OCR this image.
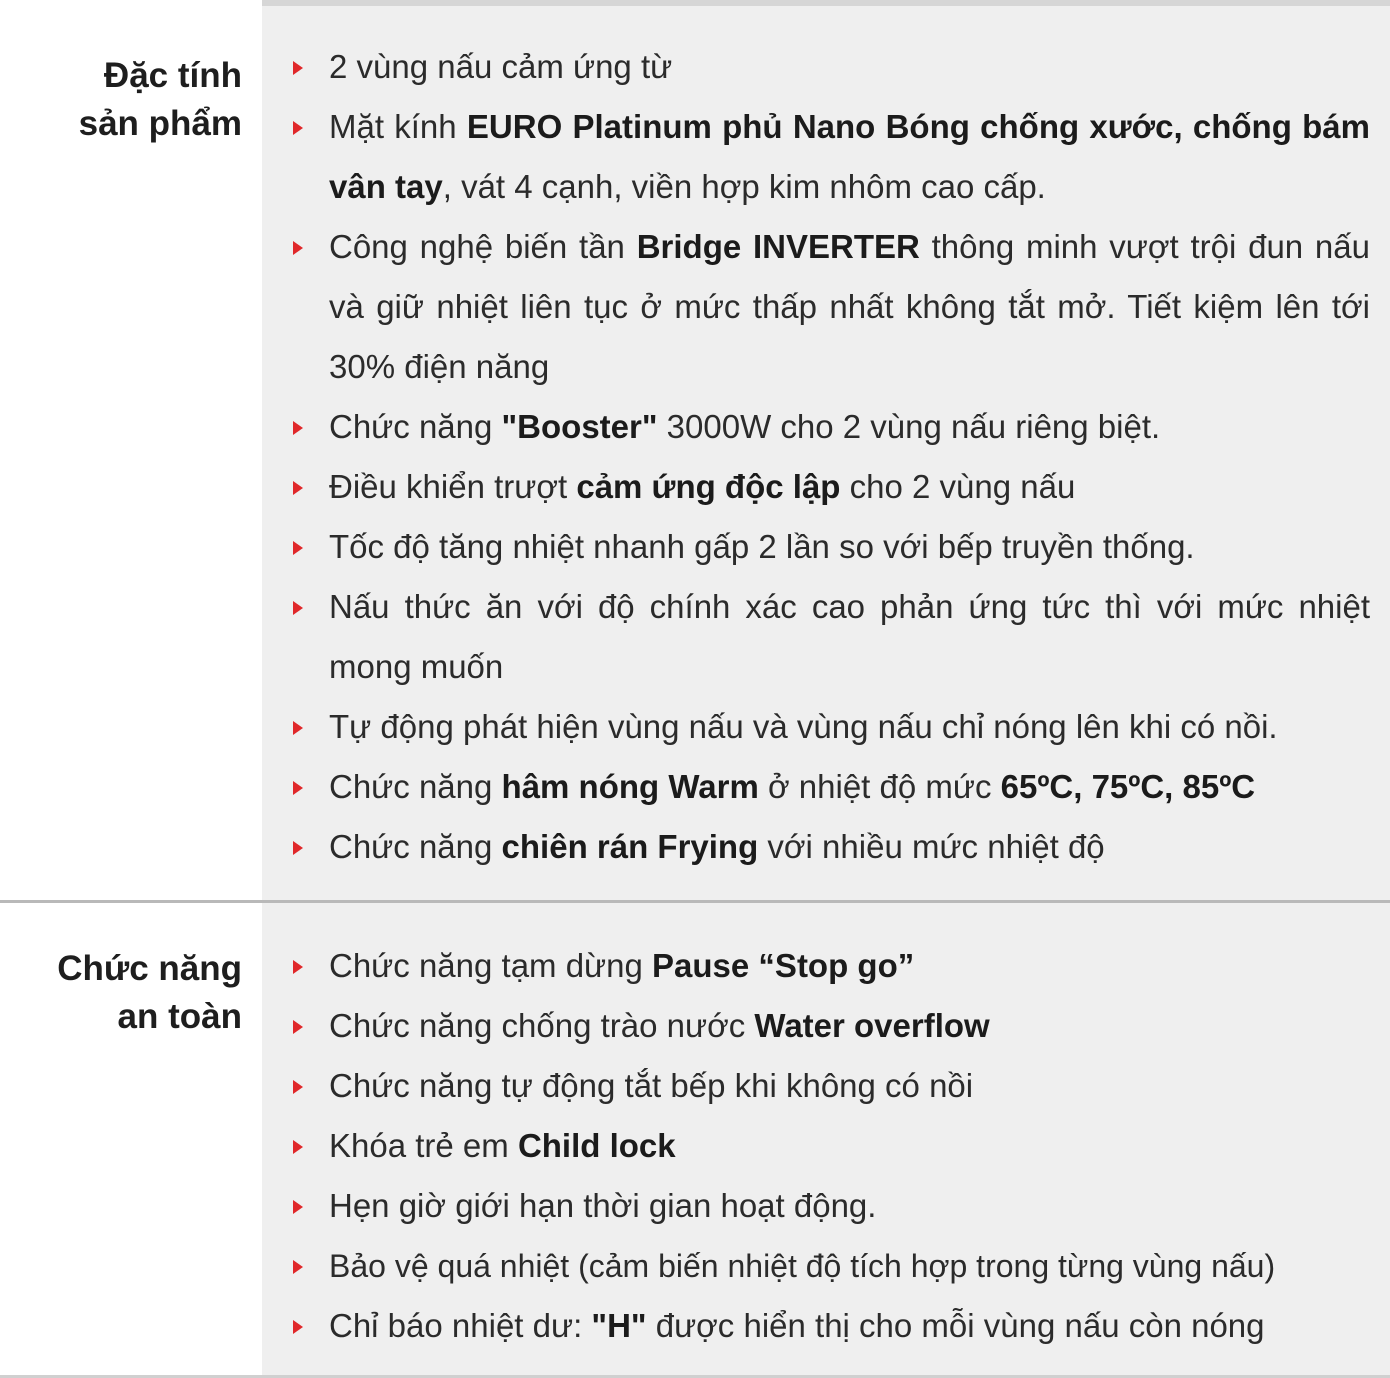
Đặc tính
sản phẩm
2 vùng nấu cảm ứng từ
Mặt kính EURO Platinum phủ Nano Bóng chống xước, chống bám vân tay, vát 4 cạnh, viền hợp kim nhôm cao cấp.
Công nghệ biến tần Bridge INVERTER thông minh vượt trội đun nấu và giữ nhiệt liên tục ở mức thấp nhất không tắt mở. Tiết kiệm lên tới 30% điện năng
Chức năng "Booster" 3000W cho 2 vùng nấu riêng biệt.
Điều khiển trượt cảm ứng độc lập cho 2 vùng nấu
Tốc độ tăng nhiệt nhanh gấp 2 lần so với bếp truyền thống.
Nấu thức ăn với độ chính xác cao phản ứng tức thì với mức nhiệt mong muốn
Tự động phát hiện vùng nấu và vùng nấu chỉ nóng lên khi có nồi.
Chức năng hâm nóng Warm ở nhiệt độ mức 65ºC, 75ºC, 85ºC
Chức năng chiên rán Frying với nhiều mức nhiệt độ
Chức năng
an toàn
Chức năng tạm dừng Pause “Stop go”
Chức năng chống trào nước Water overflow
Chức năng tự động tắt bếp khi không có nồi
Khóa trẻ em Child lock
Hẹn giờ giới hạn thời gian hoạt động.
Bảo vệ quá nhiệt (cảm biến nhiệt độ tích hợp trong từng vùng nấu)
Chỉ báo nhiệt dư: "H" được hiển thị cho mỗi vùng nấu còn nóng
